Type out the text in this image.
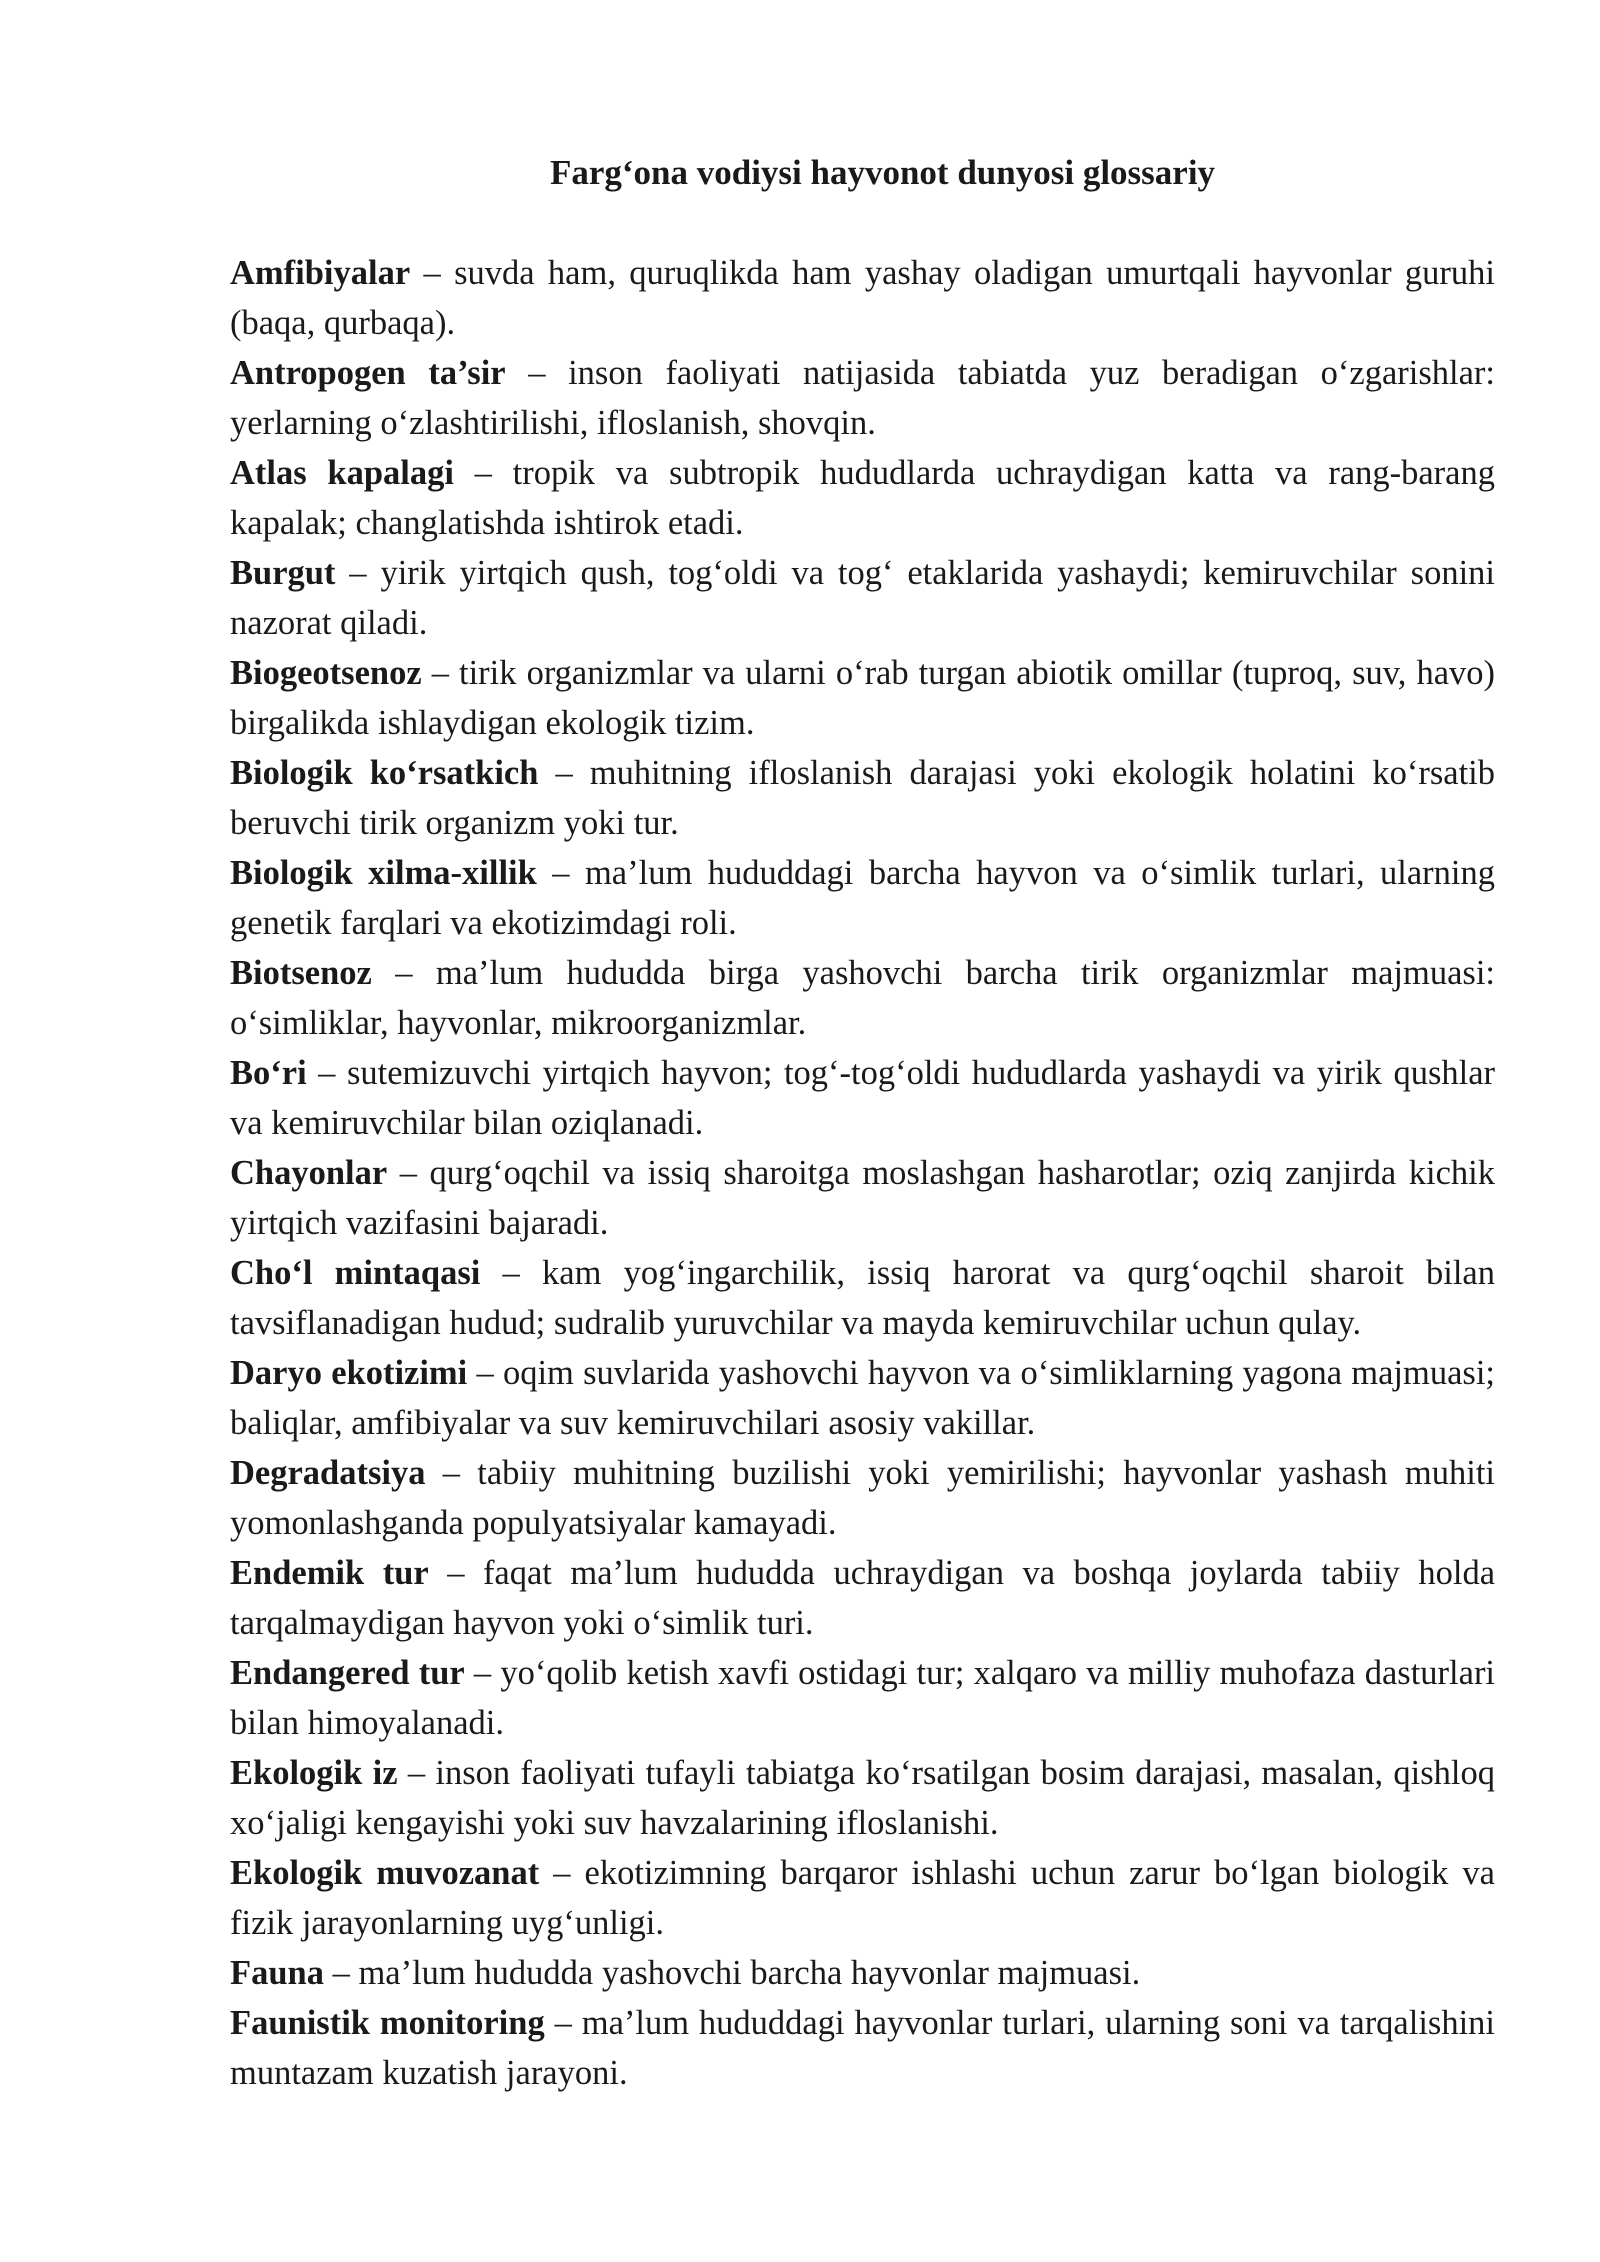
Farg‘ona vodiysi hayvonot dunyosi glossariy
Amfibiyalar – suvda ham, quruqlikda ham yashay oladigan umurtqali hayvonlar guruhi (baqa, qurbaqa).
Antropogen ta’sir – inson faoliyati natijasida tabiatda yuz beradigan o‘zgarishlar: yerlarning o‘zlashtirilishi, ifloslanish, shovqin.
Atlas kapalagi – tropik va subtropik hududlarda uchraydigan katta va rang-barang kapalak; changlatishda ishtirok etadi.
Burgut – yirik yirtqich qush, tog‘oldi va tog‘ etaklarida yashaydi; kemiruvchilar sonini nazorat qiladi.
Biogeotsenoz – tirik organizmlar va ularni o‘rab turgan abiotik omillar (tuproq, suv, havo) birgalikda ishlaydigan ekologik tizim.
Biologik ko‘rsatkich – muhitning ifloslanish darajasi yoki ekologik holatini ko‘rsatib beruvchi tirik organizm yoki tur.
Biologik xilma-xillik – ma’lum hududdagi barcha hayvon va o‘simlik turlari, ularning genetik farqlari va ekotizimdagi roli.
Biotsenoz – ma’lum hududda birga yashovchi barcha tirik organizmlar majmuasi: o‘simliklar, hayvonlar, mikroorganizmlar.
Bo‘ri – sutemizuvchi yirtqich hayvon; tog‘-tog‘oldi hududlarda yashaydi va yirik qushlar va kemiruvchilar bilan oziqlanadi.
Chayonlar – qurg‘oqchil va issiq sharoitga moslashgan hasharotlar; oziq zanjirda kichik yirtqich vazifasini bajaradi.
Cho‘l mintaqasi – kam yog‘ingarchilik, issiq harorat va qurg‘oqchil sharoit bilan tavsiflanadigan hudud; sudralib yuruvchilar va mayda kemiruvchilar uchun qulay.
Daryo ekotizimi – oqim suvlarida yashovchi hayvon va o‘simliklarning yagona majmuasi; baliqlar, amfibiyalar va suv kemiruvchilari asosiy vakillar.
Degradatsiya – tabiiy muhitning buzilishi yoki yemirilishi; hayvonlar yashash muhiti yomonlashganda populyatsiyalar kamayadi.
Endemik tur – faqat ma’lum hududda uchraydigan va boshqa joylarda tabiiy holda tarqalmaydigan hayvon yoki o‘simlik turi.
Endangered tur – yo‘qolib ketish xavfi ostidagi tur; xalqaro va milliy muhofaza dasturlari bilan himoyalanadi.
Ekologik iz – inson faoliyati tufayli tabiatga ko‘rsatilgan bosim darajasi, masalan, qishloq xo‘jaligi kengayishi yoki suv havzalarining ifloslanishi.
Ekologik muvozanat – ekotizimning barqaror ishlashi uchun zarur bo‘lgan biologik va fizik jarayonlarning uyg‘unligi.
Fauna – ma’lum hududda yashovchi barcha hayvonlar majmuasi.
Faunistik monitoring – ma’lum hududdagi hayvonlar turlari, ularning soni va tarqalishini muntazam kuzatish jarayoni.
